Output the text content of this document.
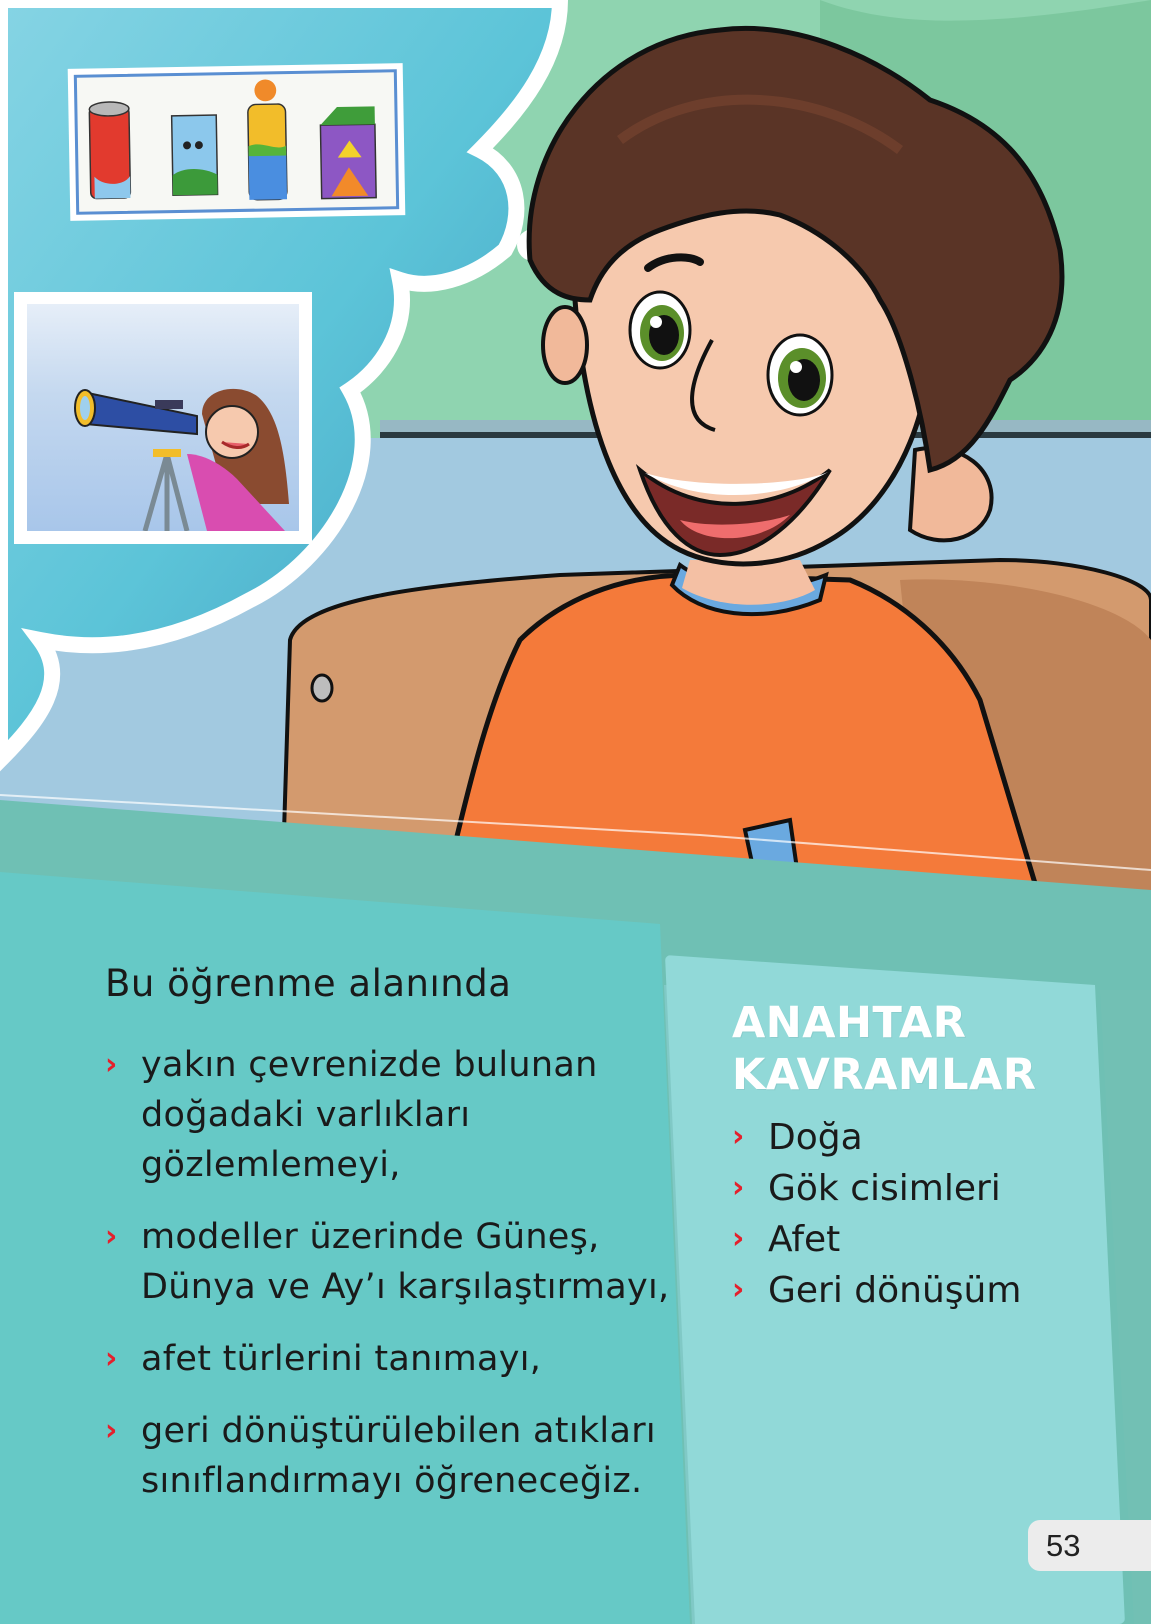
Bu öğrenme alanında
› yakın çevrenizde bulunan
doğadaki varlıkları
gözlemlemeyi,
› modeller üzerinde Güneş,
Dünya ve Ay’ı karşılaştırmayı,
› afet türlerini tanımayı,
› geri dönüştürülebilen atıkları
sınıflandırmayı öğreneceğiz.
ANAHTAR
KAVRAMLAR
› Doğa
› Gök cisimleri
› Afet
› Geri dönüşüm
53
